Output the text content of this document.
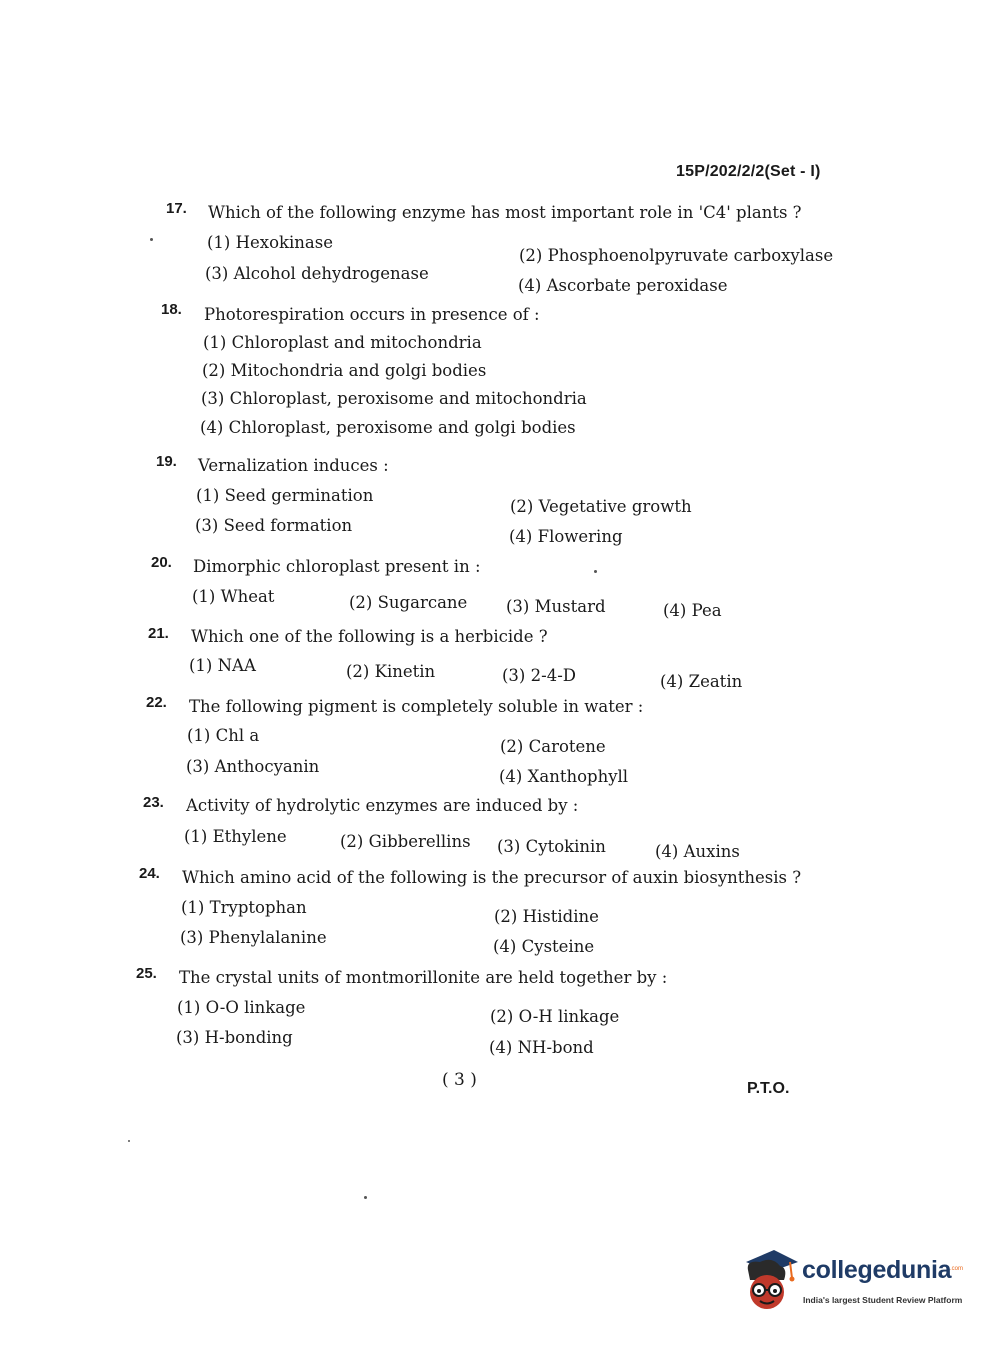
15P/202/2/2(Set - I)
17. Which of the following enzyme has most important role in 'C4' plants ?
(1) Hexokinase
(2) Phosphoenolpyruvate carboxylase
(3) Alcohol dehydrogenase
(4) Ascorbate peroxidase
18. Photorespiration occurs in presence of :
(1) Chloroplast and mitochondria
(2) Mitochondria and golgi bodies
(3) Chloroplast, peroxisome and mitochondria
(4) Chloroplast, peroxisome and golgi bodies
19. Vernalization induces :
(1) Seed germination
(2) Vegetative growth
(3) Seed formation
(4) Flowering
20. Dimorphic chloroplast present in :
(1) Wheat	(2) Sugarcane (3) Mustard	(4) Pea
21. Which one of the following is a herbicide ?
(1) NAA	(2) Kinetin	(3) 2-4-D	(4) Zeatin
22. The following pigment is completely soluble in water :
(1) Chl a
(2) Carotene
(3) Anthocyanin
(4) Xanthophyll
23. Activity of hydrolytic enzymes are induced by :
(1) Ethylene	(2) Gibberellins (3) Cytokinin	(4) Auxins
24. Which amino acid of the following is the precursor of auxin biosynthesis ?
(1) Tryptophan	(2) Histidine
(3) Phenylalanine	(4) Cysteine
25. The crystal units of montmorillonite are held together by :
(1) O-O linkage	(2) O-H linkage
(3) H-bonding
(4) NH-bond
( 3 )	P.T.O.
collegedunia
.com
India's largest Student Review Platform
